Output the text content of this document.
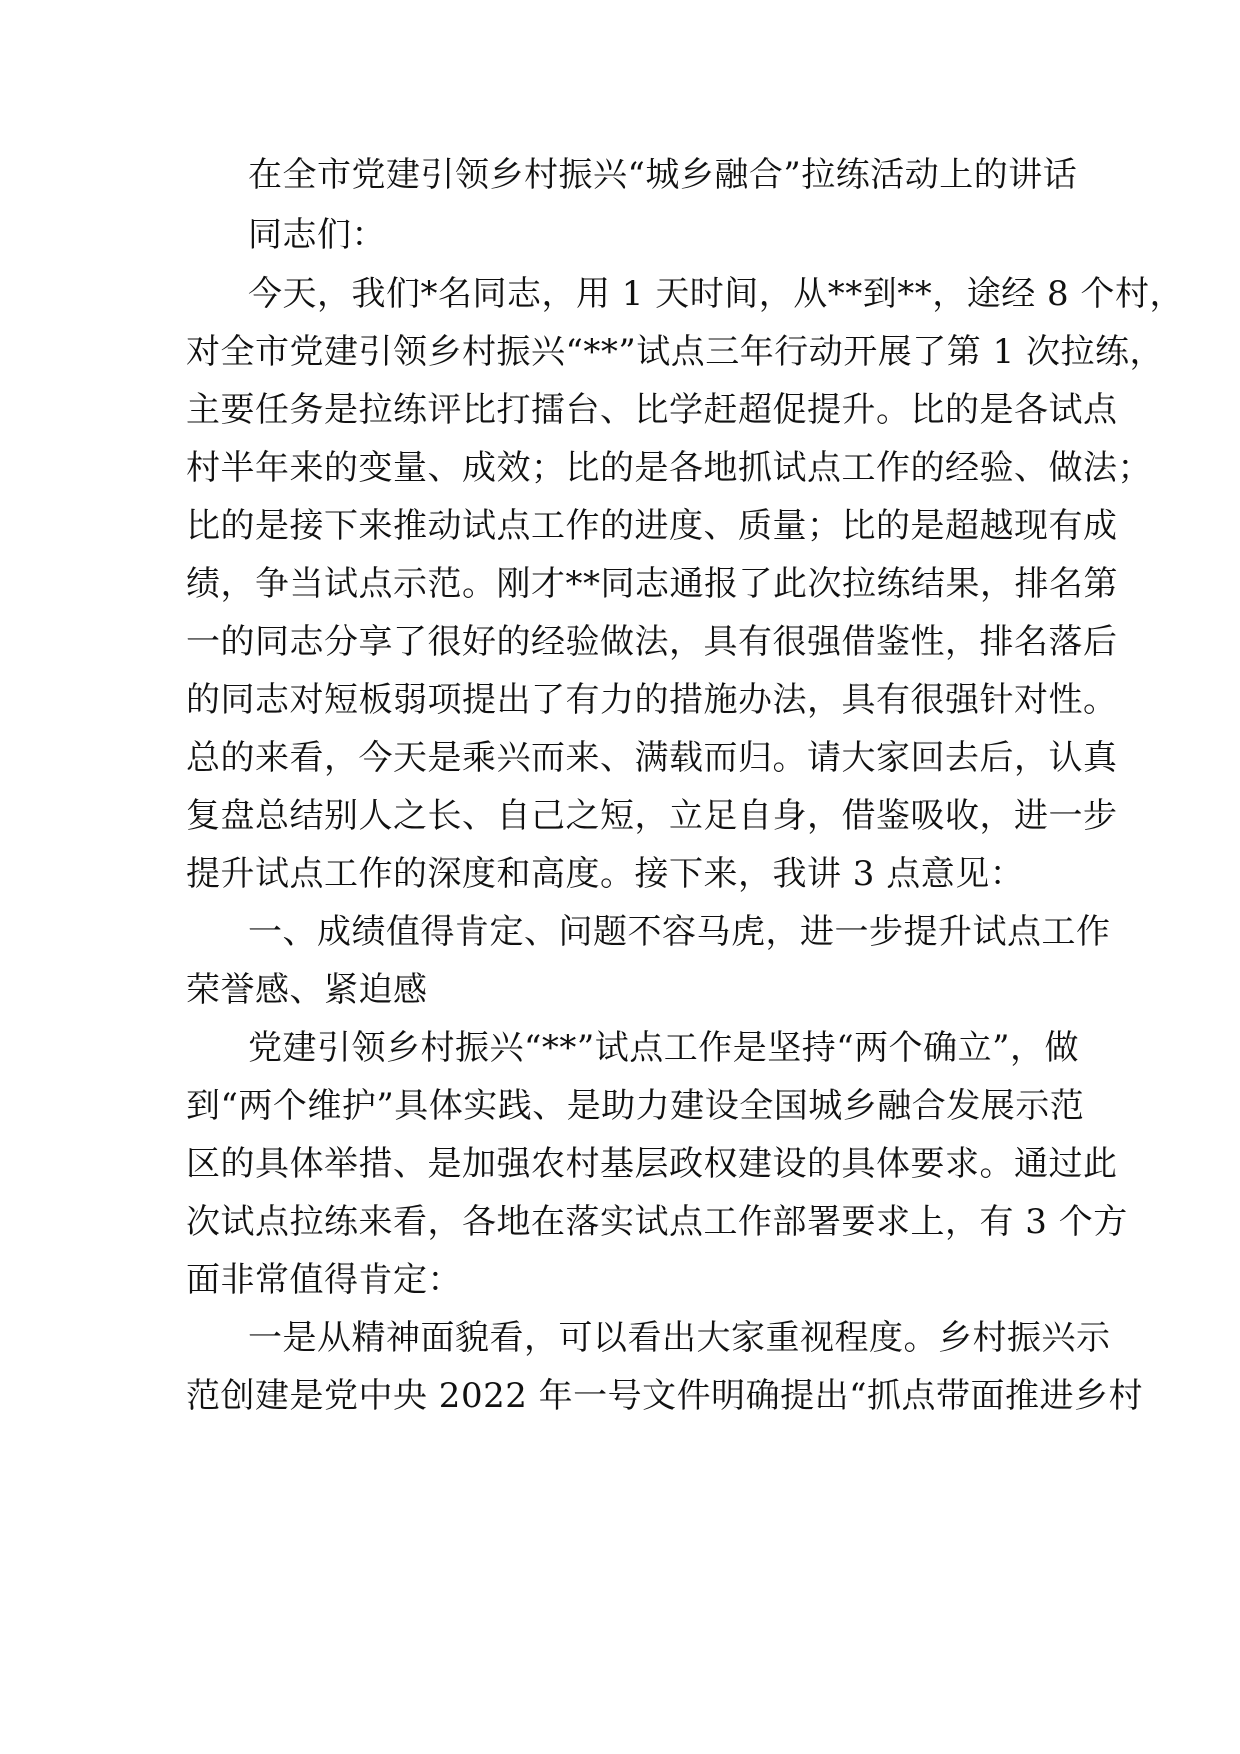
在全市党建引领乡村振兴“城乡融合”拉练活动上的讲话
同志们：
今天，我们*名同志，用 1 天时间，从**到**，途经 8 个村，
对全市党建引领乡村振兴“**”试点三年行动开展了第 1 次拉练，
主要任务是拉练评比打擂台、比学赶超促提升。比的是各试点
村半年来的变量、成效；比的是各地抓试点工作的经验、做法；
比的是接下来推动试点工作的进度、质量；比的是超越现有成
绩，争当试点示范。刚才**同志通报了此次拉练结果，排名第
一的同志分享了很好的经验做法，具有很强借鉴性，排名落后
的同志对短板弱项提出了有力的措施办法，具有很强针对性。
总的来看，今天是乘兴而来、满载而归。请大家回去后，认真
复盘总结别人之长、自己之短，立足自身，借鉴吸收，进一步
提升试点工作的深度和高度。接下来，我讲 3 点意见：
一、成绩值得肯定、问题不容马虎，进一步提升试点工作
荣誉感、紧迫感
党建引领乡村振兴“**”试点工作是坚持“两个确立”，做
到“两个维护”具体实践、是助力建设全国城乡融合发展示范
区的具体举措、是加强农村基层政权建设的具体要求。通过此
次试点拉练来看，各地在落实试点工作部署要求上，有 3 个方
面非常值得肯定：
一是从精神面貌看，可以看出大家重视程度。乡村振兴示
范创建是党中央 2022 年一号文件明确提出“抓点带面推进乡村
